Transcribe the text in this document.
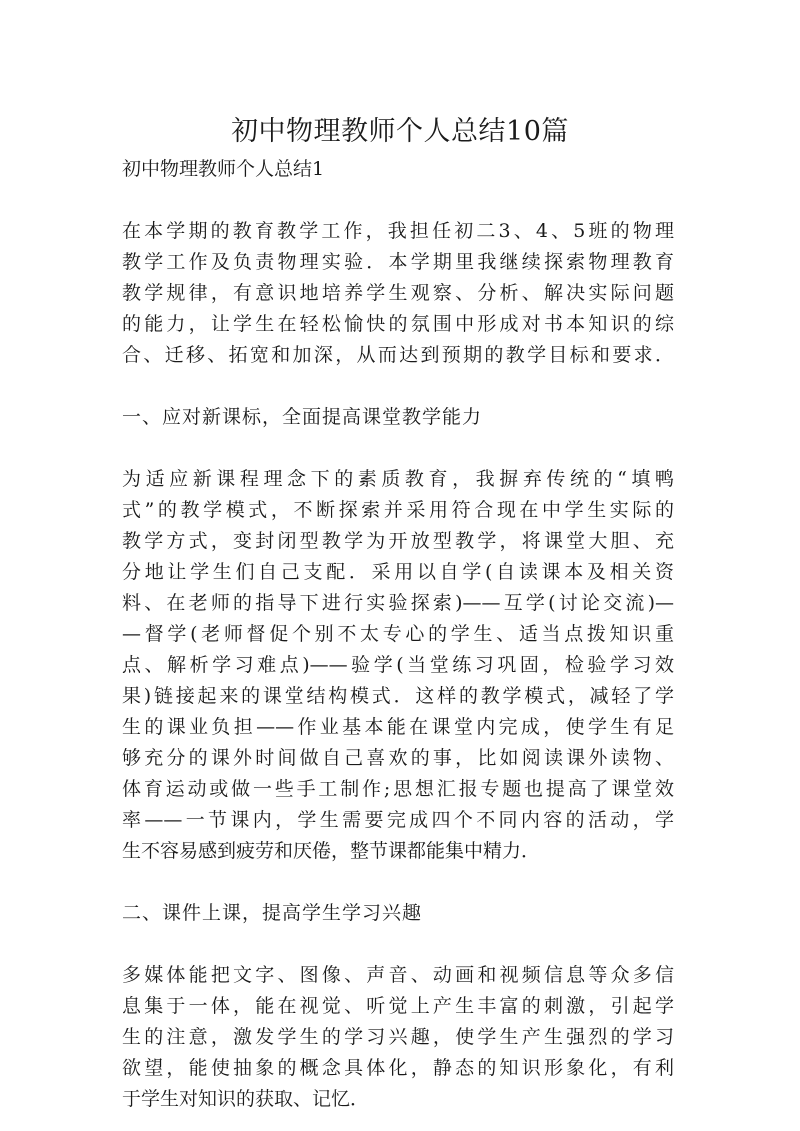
初中物理教师个人总结10篇
初中物理教师个人总结1
在本学期的教育教学工作，我担任初二3、4、5班的物理
教学工作及负责物理实验．本学期里我继续探索物理教育
教学规律，有意识地培养学生观察、分析、解决实际问题
的能力，让学生在轻松愉快的氛围中形成对书本知识的综
合、迁移、拓宽和加深，从而达到预期的教学目标和要求．
一、应对新课标，全面提高课堂教学能力
为适应新课程理念下的素质教育，我摒弃传统的“填鸭
式”的教学模式，不断探索并采用符合现在中学生实际的
教学方式，变封闭型教学为开放型教学，将课堂大胆、充
分地让学生们自己支配．采用以自学(自读课本及相关资
料、在老师的指导下进行实验探索)——互学(讨论交流)—
—督学(老师督促个别不太专心的学生、适当点拨知识重
点、解析学习难点)——验学(当堂练习巩固，检验学习效
果)链接起来的课堂结构模式．这样的教学模式，减轻了学
生的课业负担——作业基本能在课堂内完成，使学生有足
够充分的课外时间做自己喜欢的事，比如阅读课外读物、
体育运动或做一些手工制作;思想汇报专题也提高了课堂效
率——一节课内，学生需要完成四个不同内容的活动，学
生不容易感到疲劳和厌倦，整节课都能集中精力．
二、课件上课，提高学生学习兴趣
多媒体能把文字、图像、声音、动画和视频信息等众多信
息集于一体，能在视觉、听觉上产生丰富的刺激，引起学
生的注意，激发学生的学习兴趣，使学生产生强烈的学习
欲望，能使抽象的概念具体化，静态的知识形象化，有利
于学生对知识的获取、记忆．
